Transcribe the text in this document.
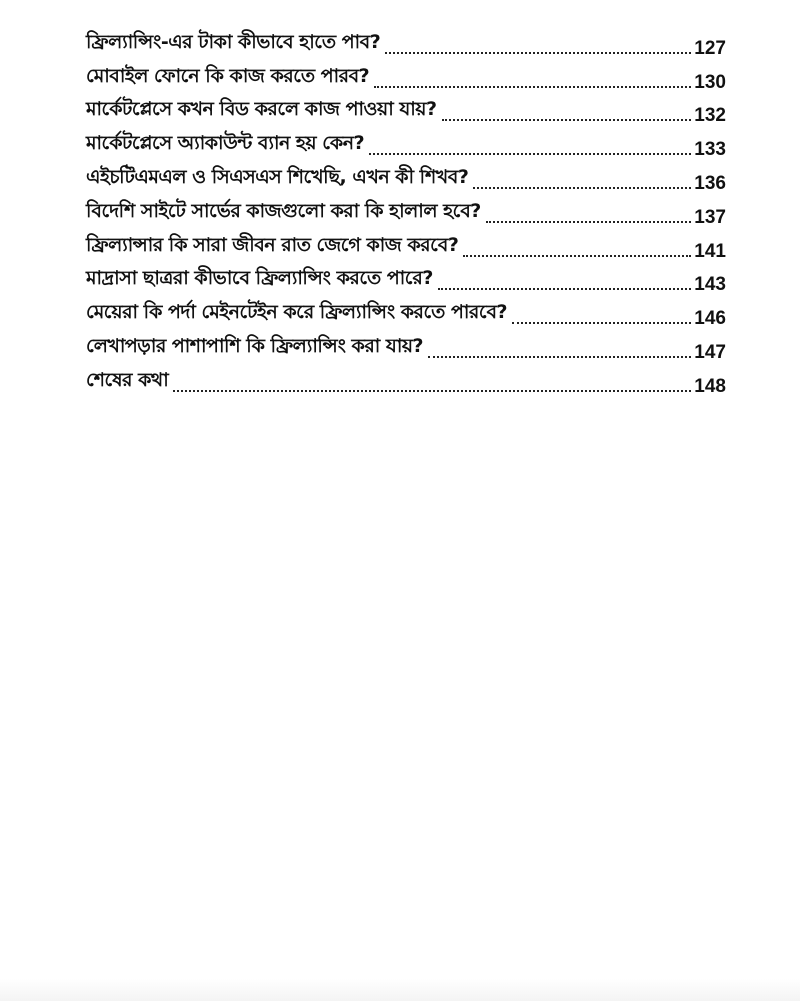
ফ্রিল্যান্সিং-এর টাকা কীভাবে হাতে পাব?	127
মোবাইল ফোনে কি কাজ করতে পারব?	130
মার্কেটপ্লেসে কখন বিড করলে কাজ পাওয়া যায়?	132
মার্কেটপ্লেসে অ্যাকাউন্ট ব্যান হয় কেন?	133
এইচটিএমএল ও সিএসএস শিখেছি, এখন কী শিখব?	136
বিদেশি সাইটে সার্ভের কাজগুলো করা কি হালাল হবে?	137
ফ্রিল্যান্সার কি সারা জীবন রাত জেগে কাজ করবে?	141
মাদ্রাসা ছাত্ররা কীভাবে ফ্রিল্যান্সিং করতে পারে?	143
মেয়েরা কি পর্দা মেইনটেইন করে ফ্রিল্যান্সিং করতে পারবে?	146
লেখাপড়ার পাশাপাশি কি ফ্রিল্যান্সিং করা যায়?	147
শেষের কথা	148
